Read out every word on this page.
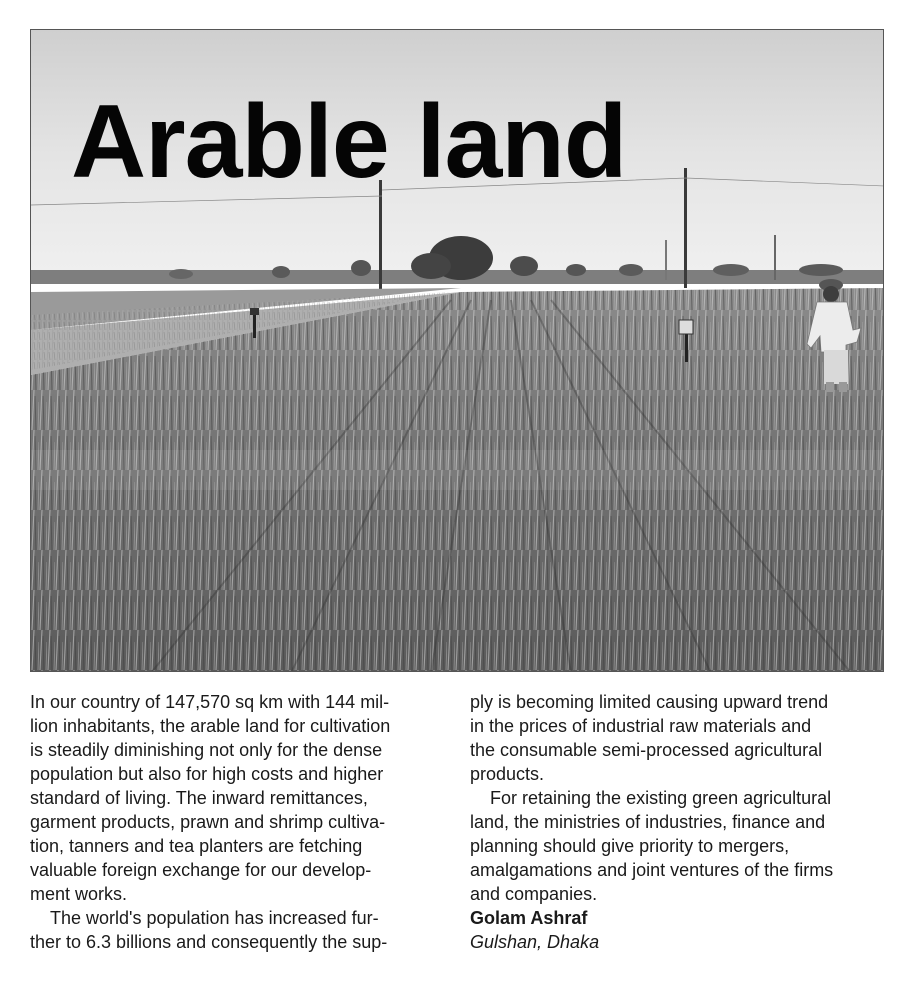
Arable land

In our country of 147,570 sq km with 144 mil-
lion inhabitants, the arable land for cultivation
is steadily diminishing not only for the dense
population but also for high costs and higher
standard of living. The inward remittances,
garment products, prawn and shrimp cultiva-
tion, tanners and tea planters are fetching
valuable foreign exchange for our develop-
ment works.

The world's population has increased fur-
ther to 6.3 billions and consequently the sup-

ply is becoming limited causing upward trend
in the prices of industrial raw materials and
the consumable semi-processed agricultural
products.

For retaining the existing green agricultural
land, the ministries of industries, finance and
planning should give priority to mergers,
amalgamations and joint ventures of the firms
and companies.

Golam Ashraf
Gulshan, Dhaka
